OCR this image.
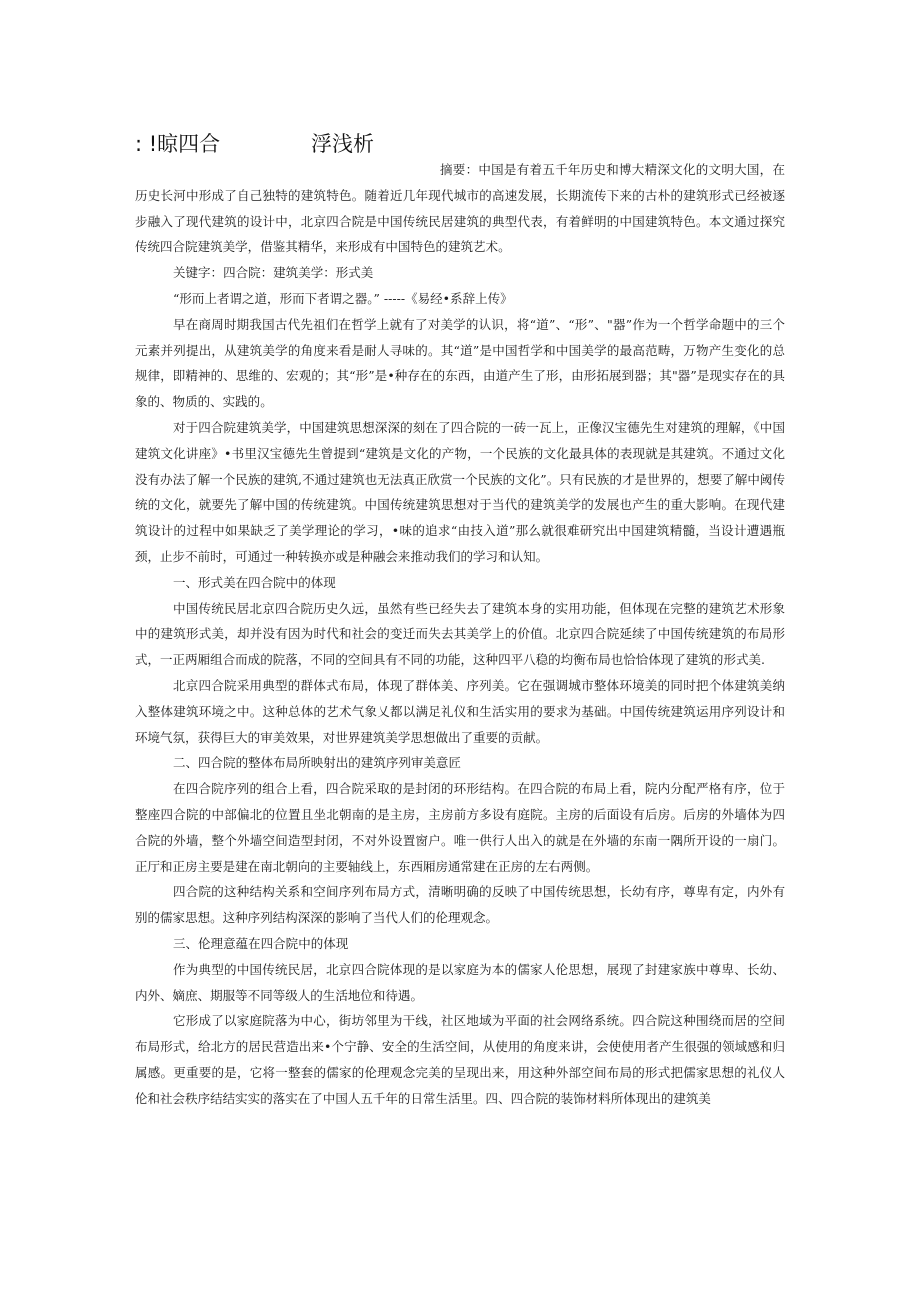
: !晾四合	浮浅析

摘要：中国是有着五千年历史和博大精深文化的文明大国，在历史长河中形成了自己独特的建筑特色。随着近几年现代城市的高速发展，长期流传下来的古朴的建筑形式已经被逐步融入了现代建筑的设计中，北京四合院是中国传统民居建筑的典型代表，有着鲜明的中国建筑特色。本文通过探究传统四合院建筑美学，借鉴其精华，来形成有中国特色的建筑艺术。

关键字：四合院：建筑美学：形式美

“形而上者谓之道，形而下者谓之器。” -----《易经•系辞上传》

早在商周时期我国古代先祖们在哲学上就有了对美学的认识，将“道”、“形”、"器”作为一个哲学命题中的三个元素并列提出，从建筑美学的角度来看是耐人寻味的。其“道”是中国哲学和中国美学的最高范畴，万物产生变化的总规律，即精神的、思维的、宏观的；其“形”是•种存在的东西，由道产生了形，由形拓展到器；其"器”是现实存在的具象的、物质的、实践的。

对于四合院建筑美学，中国建筑思想深深的刻在了四合院的一砖一瓦上，正像汉宝德先生对建筑的理解，《中国建筑文化讲座》•书里汉宝德先生曾提到“建筑是文化的产物，一个民族的文化最具体的表现就是其建筑。不通过文化没有办法了解一个民族的建筑,不通过建筑也无法真正欣赏一个民族的文化”。只有民族的才是世界的，想要了解中阈传统的文化，就要先了解中国的传统建筑。中国传统建筑思想对于当代的建筑美学的发展也产生的重大影响。在现代建筑设计的过程中如果缺乏了美学理论的学习，•味的追求“由技入道”那么就很难研究出中国建筑精髓，当设计遭遇瓶颈，止步不前时，可通过一种转换亦或是种融会来推动我们的学习和认知。

一、形式美在四合院中的体现

中国传统民居北京四合院历史久远，虽然有些已经失去了建筑本身的实用功能，但体现在完整的建筑艺术形象中的建筑形式美，却并没有因为时代和社会的变迁而失去其美学上的价值。北京四合院延续了中国传统建筑的布局形式，一正两厢组合而成的院落，不同的空间具有不同的功能，这种四平八稳的均衡布局也恰恰体现了建筑的形式美.

北京四合院采用典型的群体式布局，体现了群体美、序列美。它在强调城市整体环境美的同时把个体建筑美纳入整体建筑环境之中。这种总体的艺术气象乂都以满足礼仪和生活实用的要求为基础。中国传统建筑运用序列设计和环境气氛，获得巨大的审美效果，对世界建筑美学思想做出了重要的贡献。

二、四合院的整体布局所映射出的建筑序列审美意匠

在四合院序列的组合上看，四合院采取的是封闭的环形结构。在四合院的布局上看，院内分配严格有序，位于整座四合院的中部偏北的位置且坐北朝南的是主房，主房前方多设有庭院。主房的后面设有后房。后房的外墙体为四合院的外墙，整个外墙空间造型封闭，不对外设置窗户。唯一供行人出入的就是在外墙的东南一隅所开设的一扇门。正厅和正房主要是建在南北朝向的主要轴线上，东西厢房通常建在正房的左右两侧。

四合院的这种结构关系和空间序列布局方式，清晰明确的反映了中国传统思想，长幼有序，尊卑有定，内外有别的儒家思想。这种序列结构深深的影响了当代人们的伦理观念。

三、伦理意蕴在四合院中的体现

作为典型的中国传统民居，北京四合院体现的是以家庭为本的儒家人伦思想，展现了封建家族中尊卑、长幼、内外、嫡庶、期服等不同等级人的生活地位和待遇。

它形成了以家庭院落为中心，街坊邻里为干线，社区地域为平面的社会网络系统。四合院这种围绕而居的空间布局形式，给北方的居民营造出来•个宁静、安全的生活空间，从使用的角度来讲，会使使用者产生很强的领域感和归属感。更重要的是，它将一整套的儒家的伦理观念完美的呈现出来，用这种外部空间布局的形式把儒家思想的礼仪人伦和社会秩序结结实实的落实在了中国人五千年的日常生活里。四、四合院的装饰材料所体现出的建筑美
